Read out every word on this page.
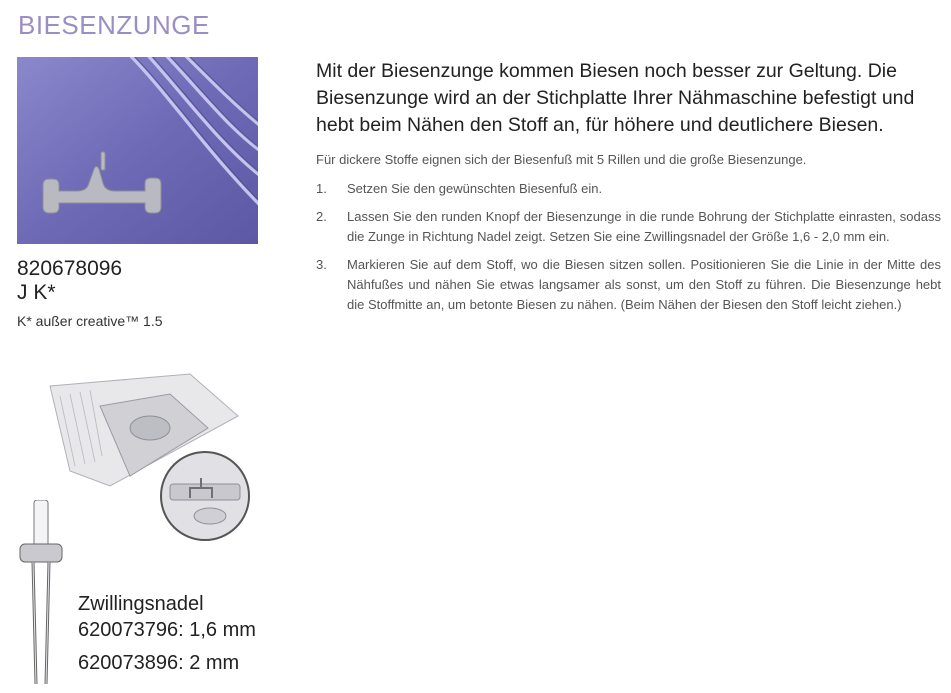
BIESENZUNGE
820678096
J K*
K* außer creative™ 1.5
Mit der Biesenzunge kommen Biesen noch besser zur Geltung. Die Biesenzunge wird an der Stichplatte Ihrer Nähmaschine befestigt und hebt beim Nähen den Stoff an, für höhere und deutlichere Biesen.
Für dickere Stoffe eignen sich der Biesenfuß mit 5 Rillen und die große Biesenzunge.
1. Setzen Sie den gewünschten Biesenfuß ein.
2. Lassen Sie den runden Knopf der Biesenzunge in die runde Bohrung der Stichplatte einrasten, sodass die Zunge in Richtung Nadel zeigt. Setzen Sie eine Zwillingsnadel der Größe 1,6 - 2,0 mm ein.
3. Markieren Sie auf dem Stoff, wo die Biesen sitzen sollen. Positionieren Sie die Linie in der Mitte des Nähfußes und nähen Sie etwas langsamer als sonst, um den Stoff zu führen. Die Biesenzunge hebt die Stoffmitte an, um betonte Biesen zu nähen. (Beim Nähen der Biesen den Stoff leicht ziehen.)
Zwillingsnadel
620073796: 1,6 mm
620073896: 2 mm
